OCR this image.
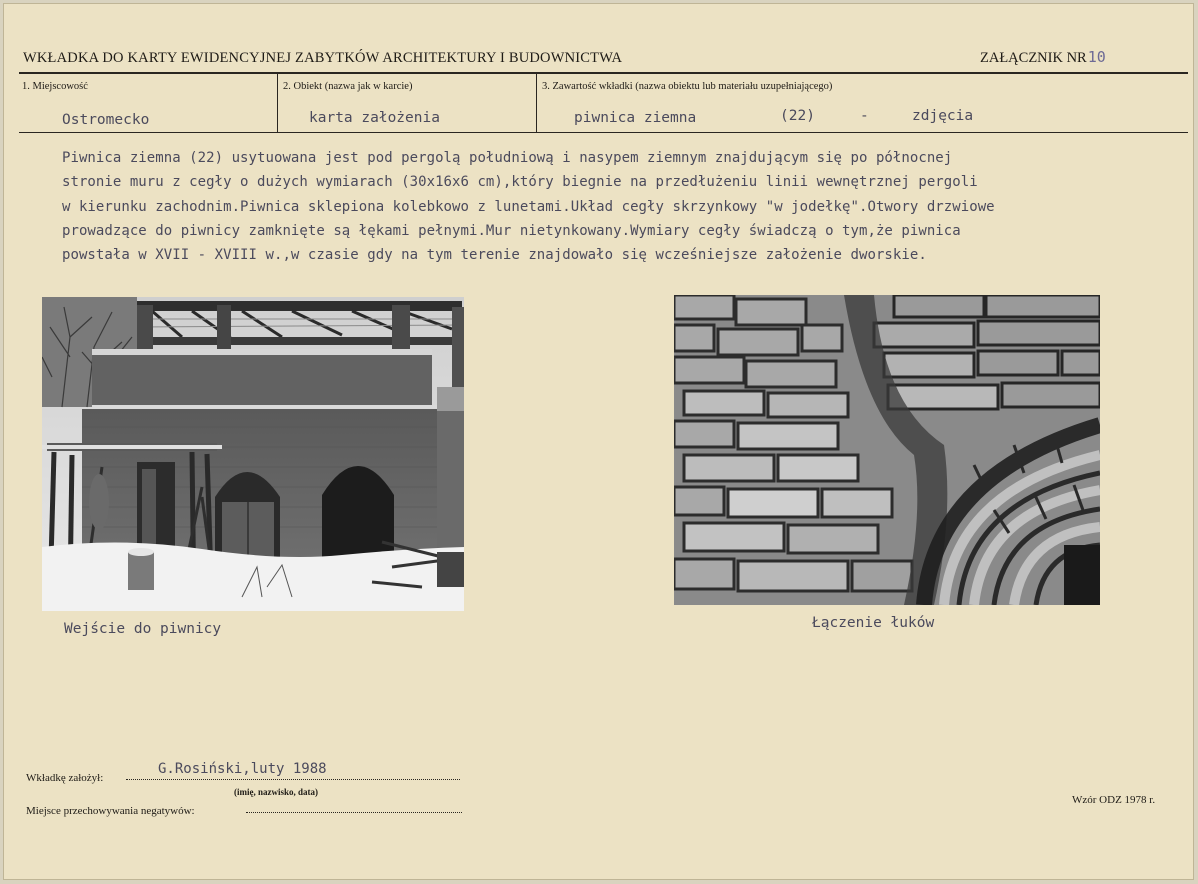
WKŁADKA DO KARTY EWIDENCYJNEJ ZABYTKÓW ARCHITEKTURY I BUDOWNICTWA	ZAŁĄCZNIK NR10
1. Miejscowość	2. Obiekt (nazwa jak w karcie)	3. Zawartość wkładki (nazwa obiektu lub materiału uzupełniającego)
Ostromecko	karta założenia	piwnica ziemna	(22)	-	zdjęcia
Piwnica ziemna (22) usytuowana jest pod pergolą południową i nasypem ziemnym znajdującym się po północnej
stronie muru z cegły o dużych wymiarach (30x16x6 cm),który biegnie na przedłużeniu linii wewnętrznej pergoli
w kierunku zachodnim.Piwnica sklepiona kolebkowo z lunetami.Układ cegły skrzynkowy "w jodełkę".Otwory drzwiowe
prowadzące do piwnicy zamknięte są łękami pełnymi.Mur nietynkowany.Wymiary cegły świadczą o tym,że piwnica
powstała w XVII - XVIII w.,w czasie gdy na tym terenie znajdowało się wcześniejsze założenie dworskie.
Wejście do piwnicy	Łączenie łuków
Wkładkę założył:
G.Rosiński,luty 1988
(imię, nazwisko, data)
Miejsce przechowywania negatywów:
Wzór ODZ 1978 r.
